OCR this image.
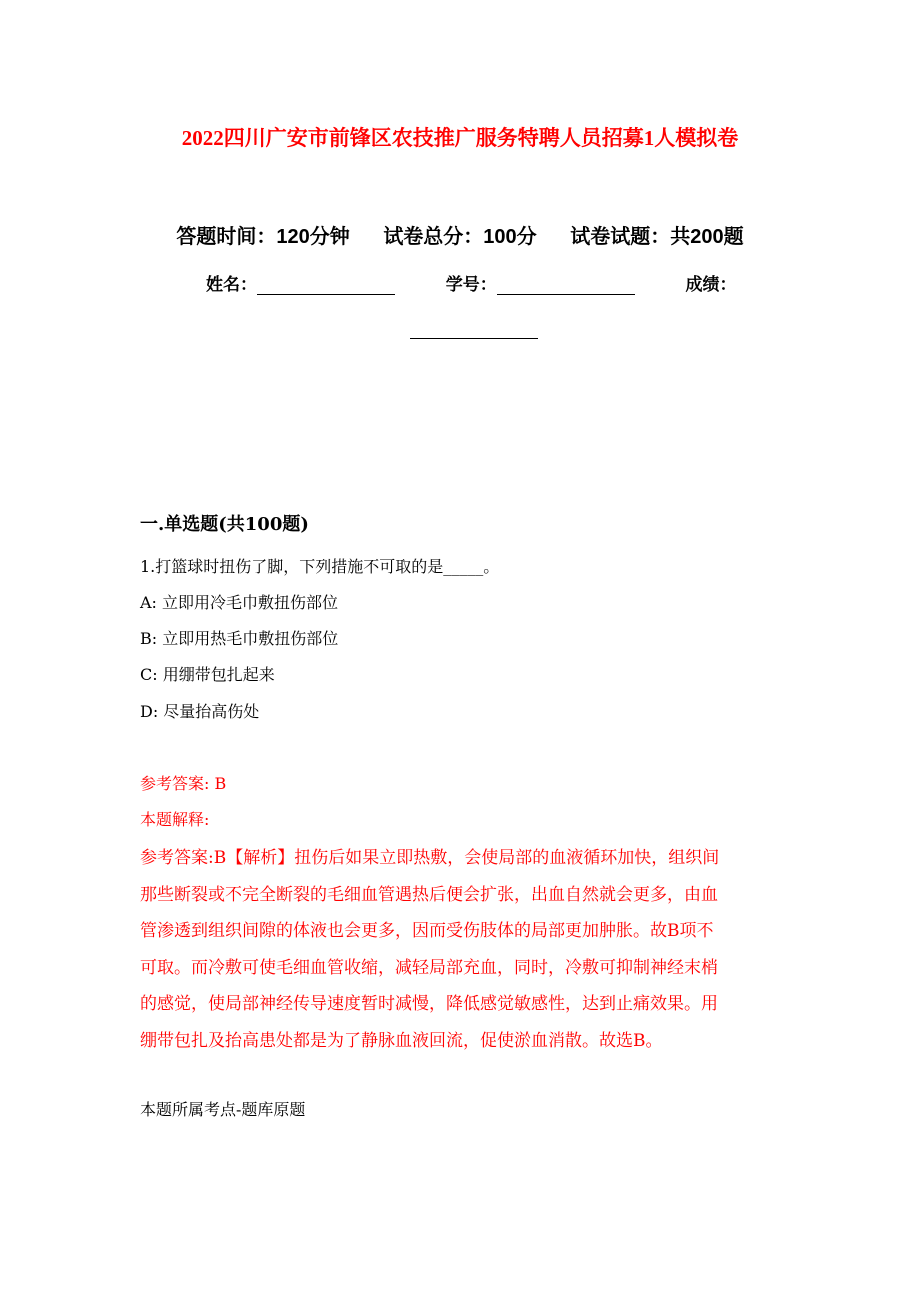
2022四川广安市前锋区农技推广服务特聘人员招募1人模拟卷
答题时间：120分钟 试卷总分：100分 试卷试题：共200题
姓名：	学号：	成绩：
一.单选题(共100题)
1.打篮球时扭伤了脚，下列措施不可取的是_____。
A: 立即用冷毛巾敷扭伤部位
B: 立即用热毛巾敷扭伤部位
C: 用绷带包扎起来
D: 尽量抬高伤处
参考答案: B
本题解释:
参考答案:B【解析】扭伤后如果立即热敷，会使局部的血液循环加快，组织间
那些断裂或不完全断裂的毛细血管遇热后便会扩张，出血自然就会更多，由血
管渗透到组织间隙的体液也会更多，因而受伤肢体的局部更加肿胀。故B项不
可取。而冷敷可使毛细血管收缩，减轻局部充血，同时，冷敷可抑制神经末梢
的感觉，使局部神经传导速度暂时减慢，降低感觉敏感性，达到止痛效果。用
绷带包扎及抬高患处都是为了静脉血液回流，促使淤血消散。故选B。
本题所属考点-题库原题
